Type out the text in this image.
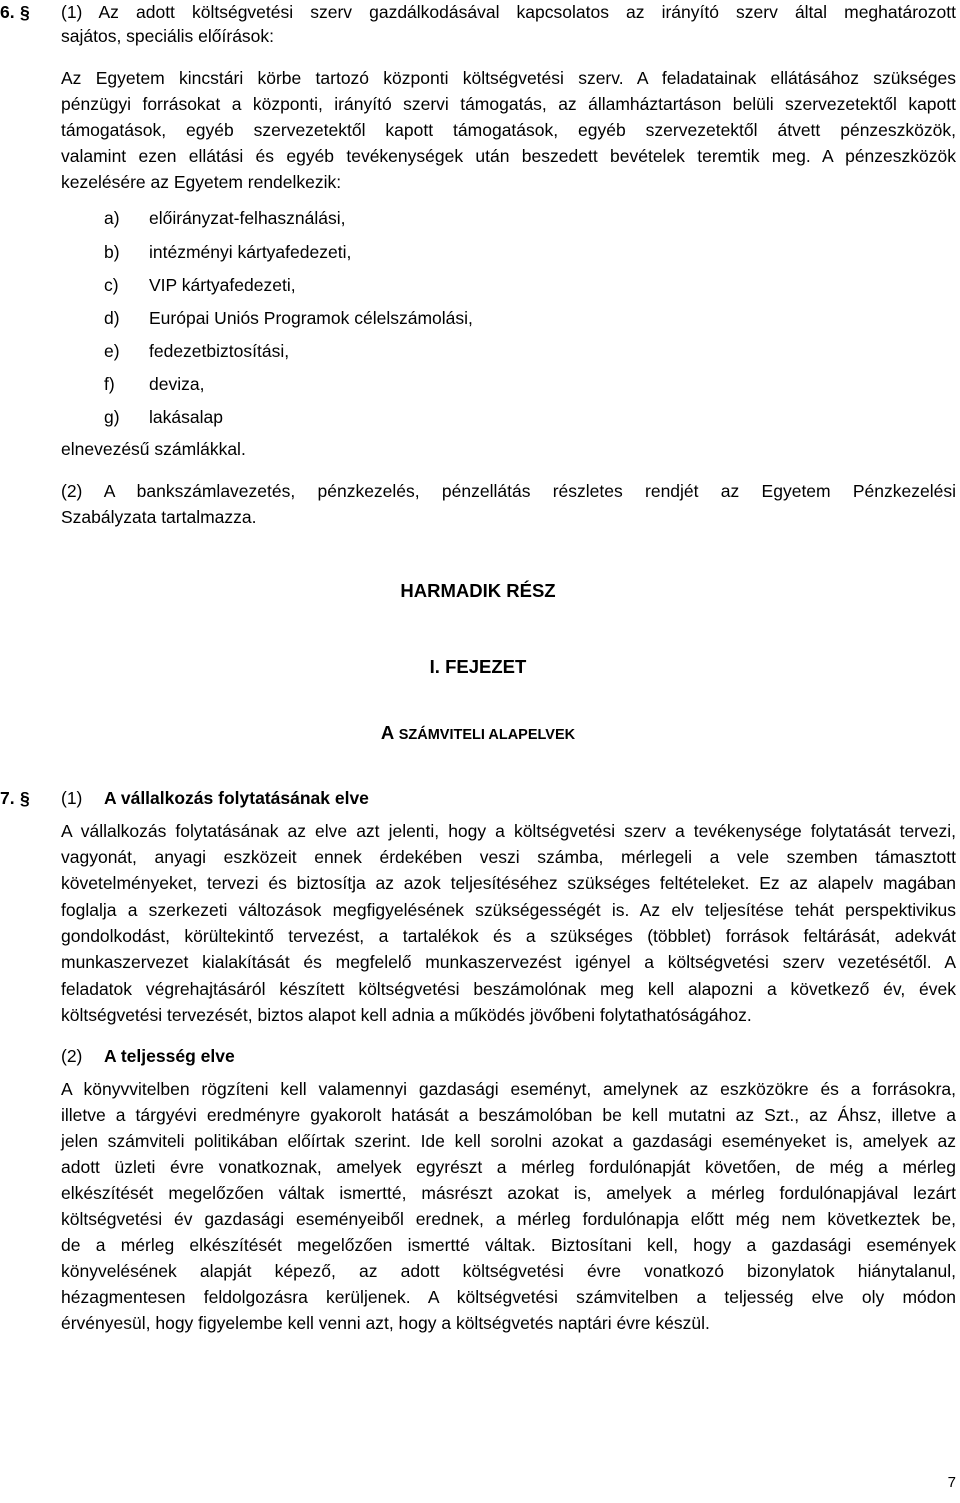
6. § (1) Az adott költségvetési szerv gazdálkodásával kapcsolatos az irányító szerv által meghatározott
sajátos, speciális előírások:
Az Egyetem kincstári körbe tartozó központi költségvetési szerv. A feladatainak ellátásához szükséges
pénzügyi forrásokat a központi, irányító szervi támogatás, az államháztartáson belüli szervezetektől kapott
támogatások, egyéb szervezetektől kapott támogatások, egyéb szervezetektől átvett pénzeszközök,
valamint ezen ellátási és egyéb tevékenységek után beszedett bevételek teremtik meg. A pénzeszközök
kezelésére az Egyetem rendelkezik:
a) előirányzat-felhasználási,
b) intézményi kártyafedezeti,
c) VIP kártyafedezeti,
d) Európai Uniós Programok célelszámolási,
e) fedezetbiztosítási,
f) deviza,
g) lakásalap
elnevezésű számlákkal.
(2) A bankszámlavezetés, pénzkezelés, pénzellátás részletes rendjét az Egyetem Pénzkezelési
Szabályzata tartalmazza.
HARMADIK RÉSZ
I. FEJEZET
A SZÁMVITELI ALAPELVEK
7. § (1) A vállalkozás folytatásának elve
A vállalkozás folytatásának az elve azt jelenti, hogy a költségvetési szerv a tevékenysége folytatását tervezi,
vagyonát, anyagi eszközeit ennek érdekében veszi számba, mérlegeli a vele szemben támasztott
követelményeket, tervezi és biztosítja az azok teljesítéséhez szükséges feltételeket. Ez az alapelv magában
foglalja a szerkezeti változások megfigyelésének szükségességét is. Az elv teljesítése tehát perspektivikus
gondolkodást, körültekintő tervezést, a tartalékok és a szükséges (többlet) források feltárását, adekvát
munkaszervezet kialakítását és megfelelő munkaszervezést igényel a költségvetési szerv vezetésétől. A
feladatok végrehajtásáról készített költségvetési beszámolónak meg kell alapozni a következő év, évek
költségvetési tervezését, biztos alapot kell adnia a működés jövőbeni folytathatóságához.
(2) A teljesség elve
A könyvvitelben rögzíteni kell valamennyi gazdasági eseményt, amelynek az eszközökre és a forrásokra,
illetve a tárgyévi eredményre gyakorolt hatását a beszámolóban be kell mutatni az Szt., az Áhsz, illetve a
jelen számviteli politikában előírtak szerint. Ide kell sorolni azokat a gazdasági eseményeket is, amelyek az
adott üzleti évre vonatkoznak, amelyek egyrészt a mérleg fordulónapját követően, de még a mérleg
elkészítését megelőzően váltak ismertté, másrészt azokat is, amelyek a mérleg fordulónapjával lezárt
költségvetési év gazdasági eseményeiből erednek, a mérleg fordulónapja előtt még nem következtek be,
de a mérleg elkészítését megelőzően ismertté váltak. Biztosítani kell, hogy a gazdasági események
könyvelésének alapját képező, az adott költségvetési évre vonatkozó bizonylatok hiánytalanul,
hézagmentesen feldolgozásra kerüljenek. A költségvetési számvitelben a teljesség elve oly módon
érvényesül, hogy figyelembe kell venni azt, hogy a költségvetés naptári évre készül.
7
